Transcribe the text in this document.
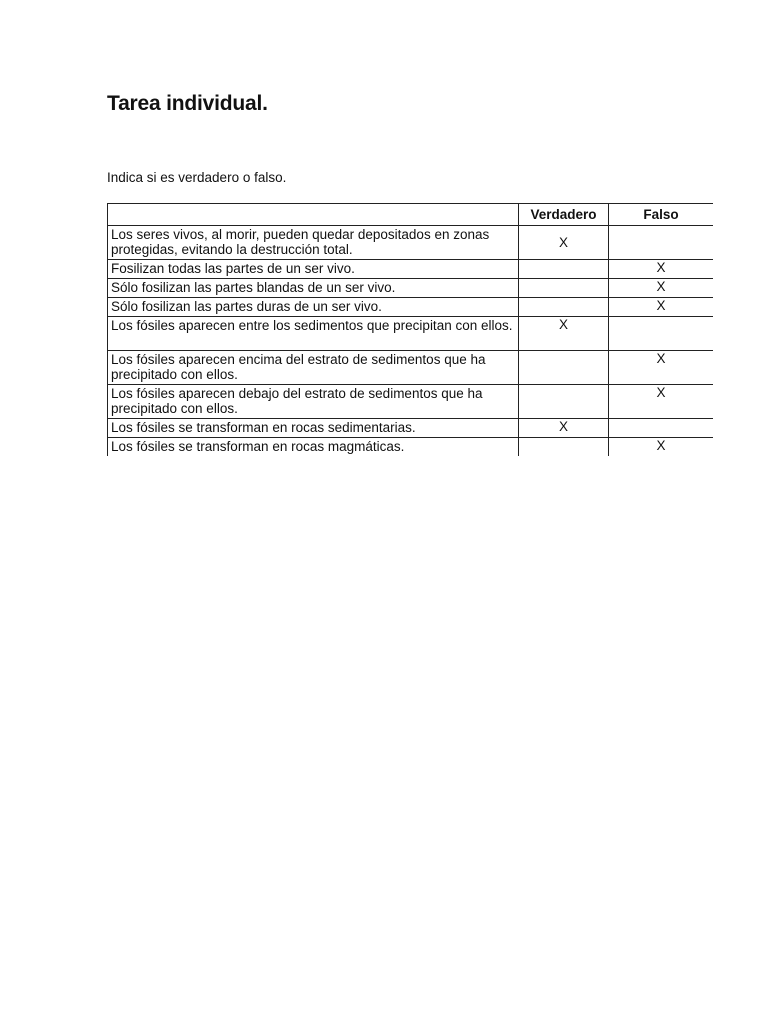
Tarea individual.

Indica si es verdadero o falso.

	Verdadero	Falso
Los seres vivos, al morir, pueden quedar depositados en zonas protegidas, evitando la destrucción total.	X	
Fosilizan todas las partes de un ser vivo.		X
Sólo fosilizan las partes blandas de un ser vivo.		X
Sólo fosilizan las partes duras de un ser vivo.		X
Los fósiles aparecen entre los sedimentos que precipitan con ellos.	X	
Los fósiles aparecen encima del estrato de sedimentos que ha precipitado con ellos.		X
Los fósiles aparecen debajo del estrato de sedimentos que ha precipitado con ellos.		X
Los fósiles se transforman en rocas sedimentarias.	X	
Los fósiles se transforman en rocas magmáticas.		X
